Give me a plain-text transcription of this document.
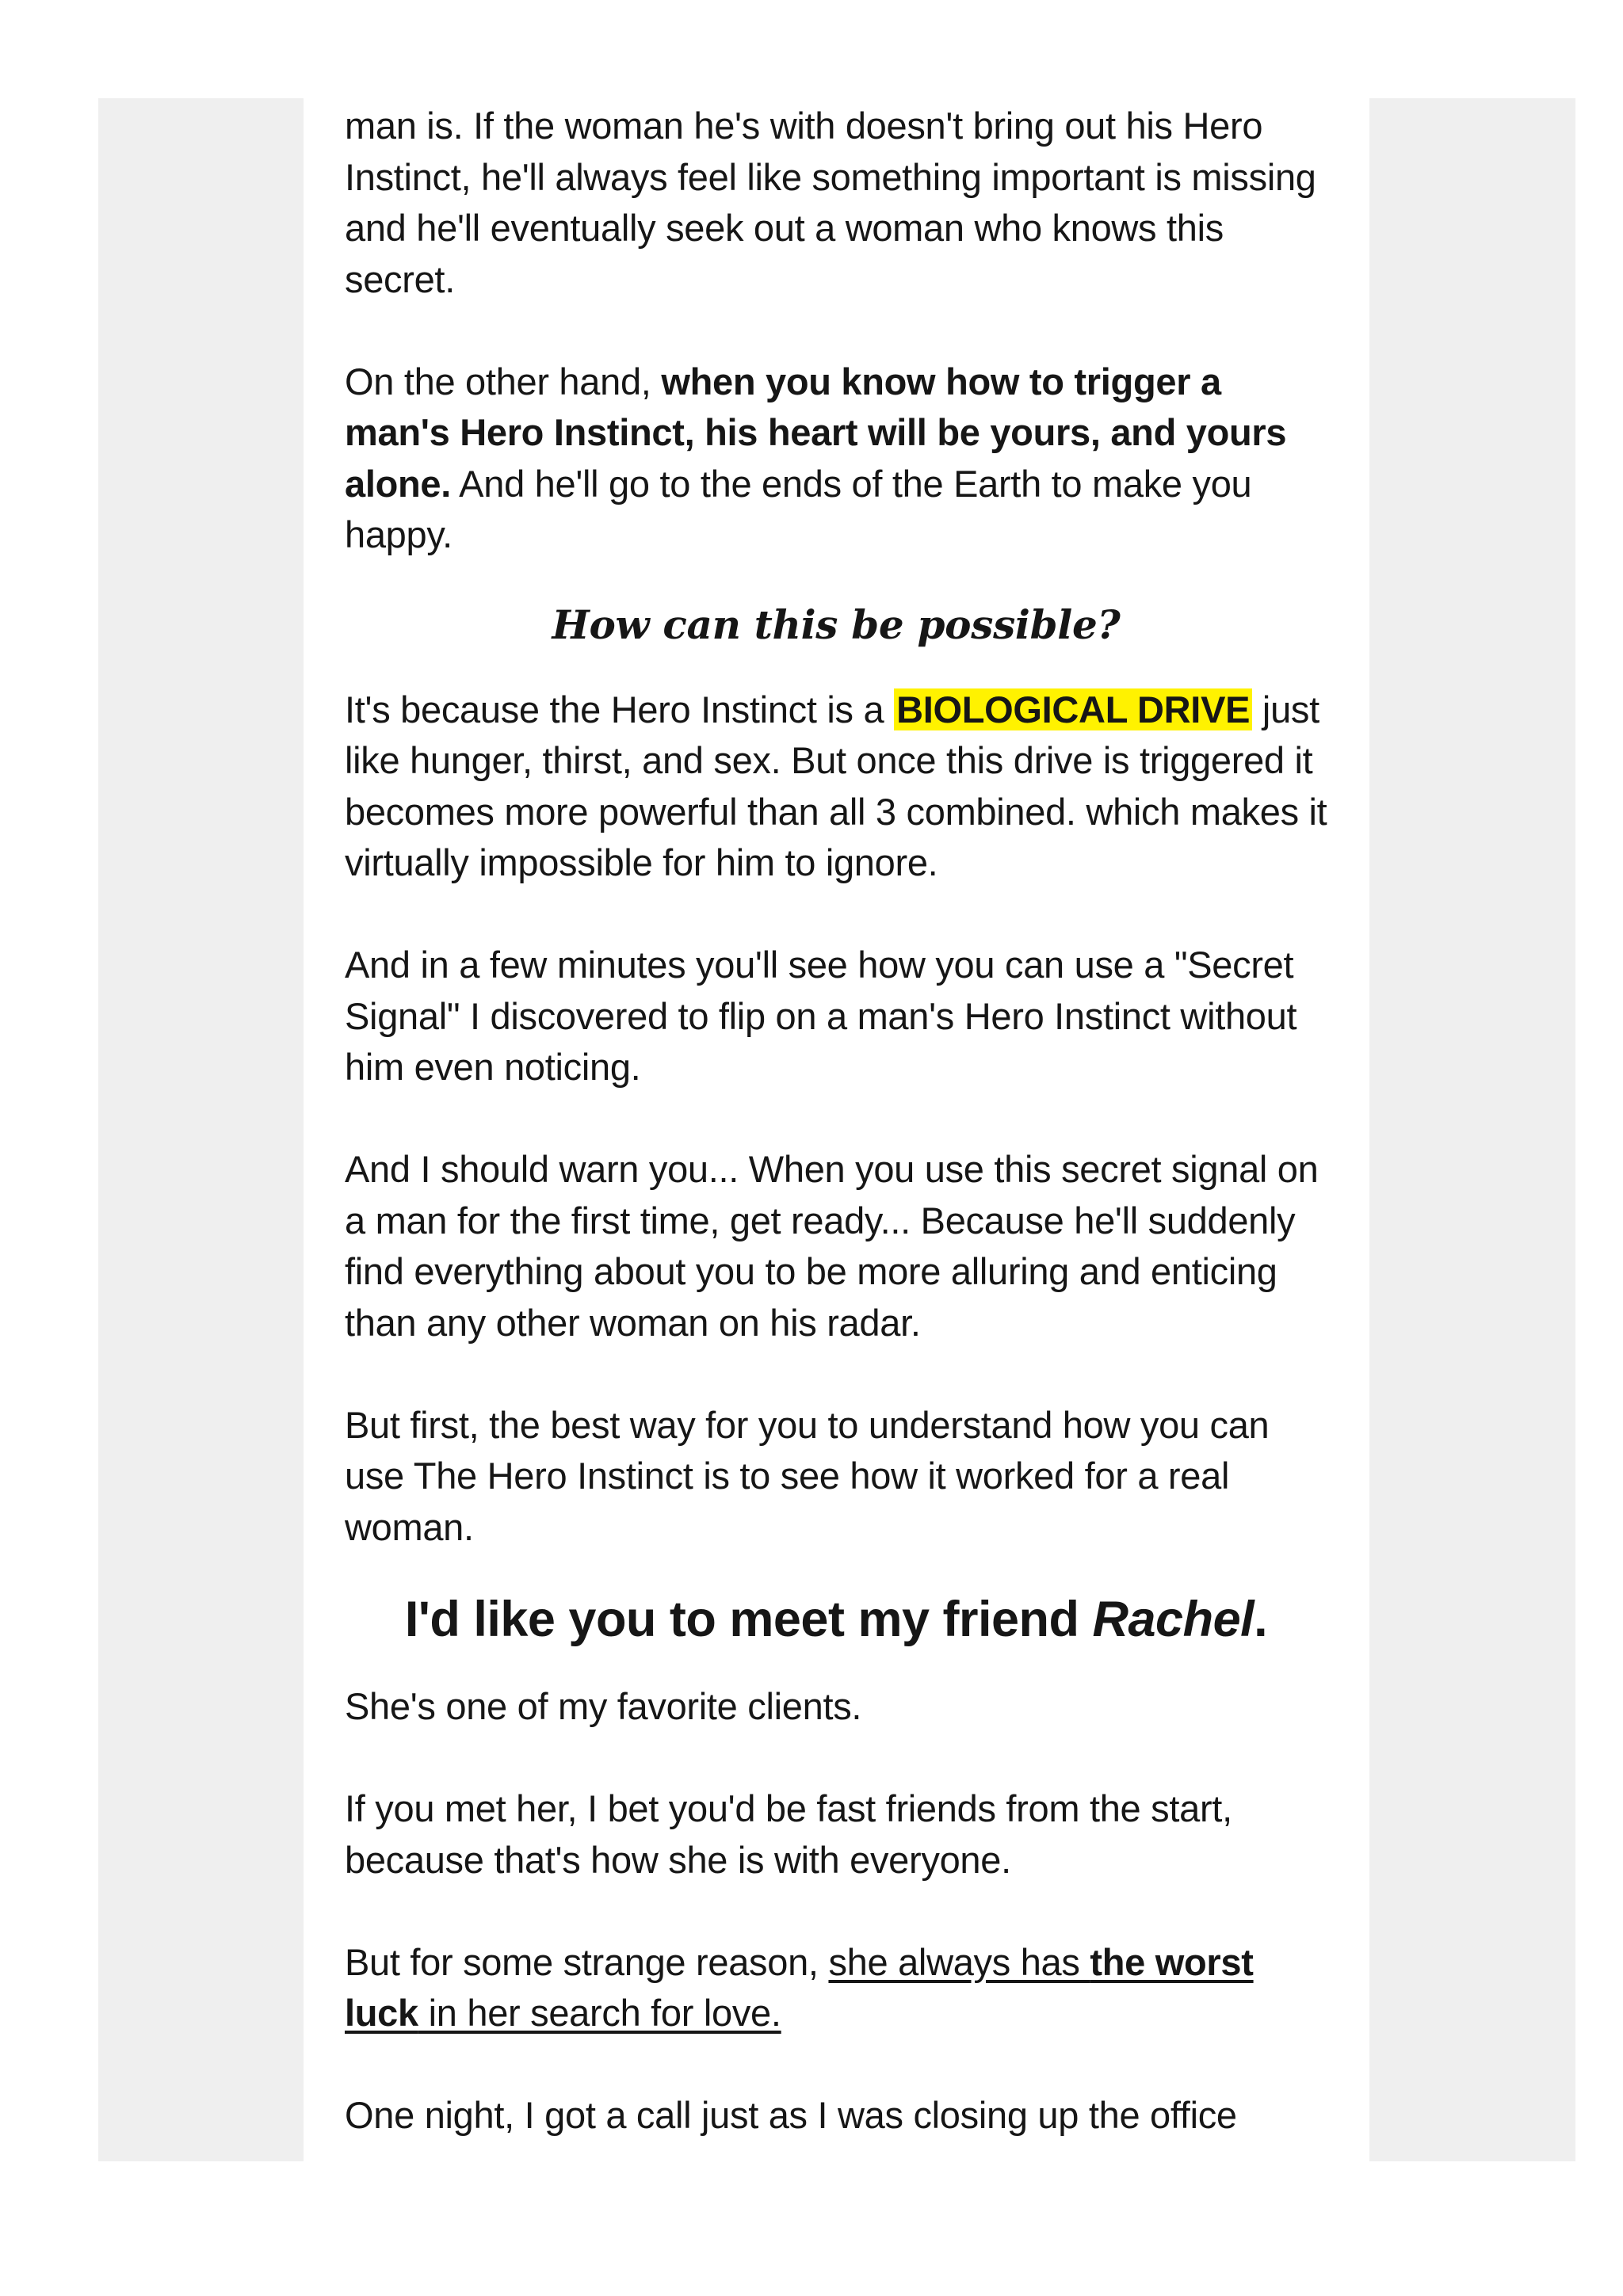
man is. If the woman he's with doesn't bring out his Hero Instinct, he'll always feel like something important is missing and he'll eventually seek out a woman who knows this secret.

On the other hand, when you know how to trigger a man's Hero Instinct, his heart will be yours, and yours alone. And he'll go to the ends of the Earth to make you happy.

How can this be possible?

It's because the Hero Instinct is a BIOLOGICAL DRIVE just like hunger, thirst, and sex. But once this drive is triggered it becomes more powerful than all 3 combined. which makes it virtually impossible for him to ignore.

And in a few minutes you'll see how you can use a "Secret Signal" I discovered to flip on a man's Hero Instinct without him even noticing.

And I should warn you... When you use this secret signal on a man for the first time, get ready... Because he'll suddenly find everything about you to be more alluring and enticing than any other woman on his radar.

But first, the best way for you to understand how you can use The Hero Instinct is to see how it worked for a real woman.

I'd like you to meet my friend Rachel.

She's one of my favorite clients.

If you met her, I bet you'd be fast friends from the start, because that's how she is with everyone.

But for some strange reason, she always has the worst luck in her search for love.

One night, I got a call just as I was closing up the office
